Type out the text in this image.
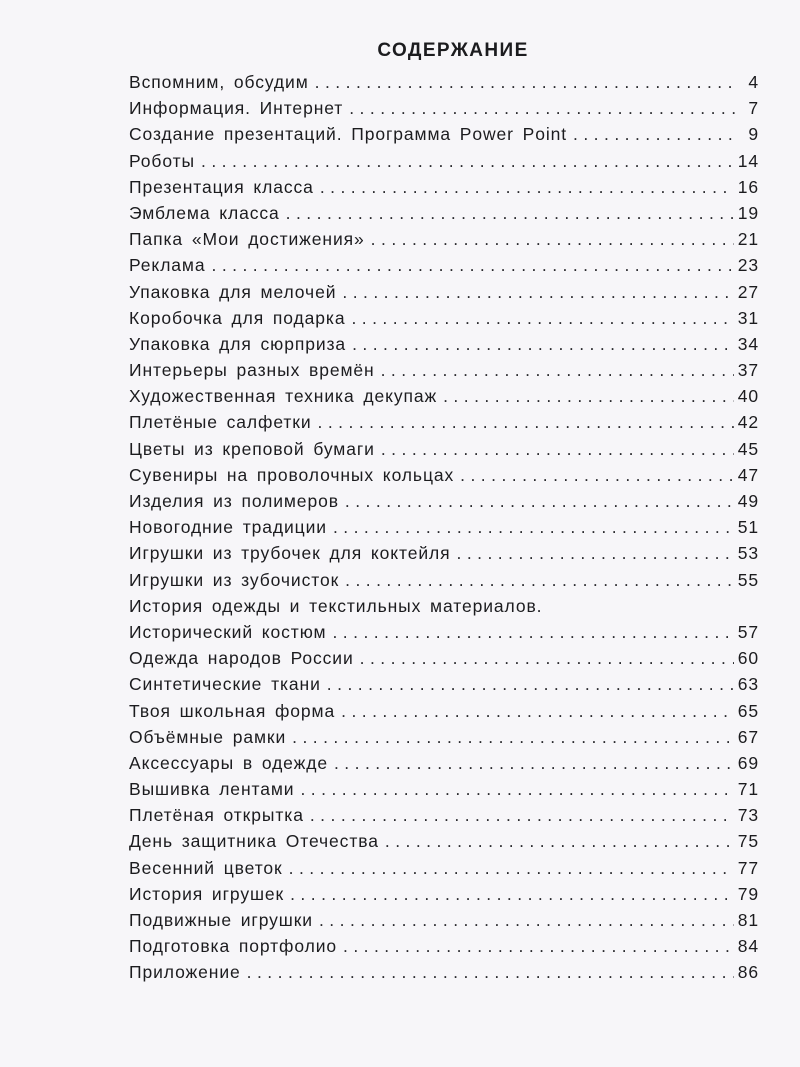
СОДЕРЖАНИЕ
Вспомним, обсудим . . .	4
Информация. Интернет . . .	7
Создание презентаций. Программа Power Point . . .	9
Роботы . . .	14
Презентация класса . . .	16
Эмблема класса . . .	19
Папка «Мои достижения» . . .	21
Реклама . . .	23
Упаковка для мелочей . . .	27
Коробочка для подарка . . .	31
Упаковка для сюрприза . . .	34
Интерьеры разных времён . . .	37
Художественная техника декупаж . . .	40
Плетёные салфетки . . .	42
Цветы из креповой бумаги . . .	45
Сувениры на проволочных кольцах . . .	47
Изделия из полимеров . . .	49
Новогодние традиции . . .	51
Игрушки из трубочек для коктейля . . .	53
Игрушки из зубочисток . . .	55
История одежды и текстильных материалов.
Исторический костюм . . .	57
Одежда народов России . . .	60
Синтетические ткани . . .	63
Твоя школьная форма . . .	65
Объёмные рамки . . .	67
Аксессуары в одежде . . .	69
Вышивка лентами . . .	71
Плетёная открытка . . .	73
День защитника Отечества . . .	75
Весенний цветок . . .	77
История игрушек . . .	79
Подвижные игрушки . . .	81
Подготовка портфолио . . .	84
Приложение . . .	86
